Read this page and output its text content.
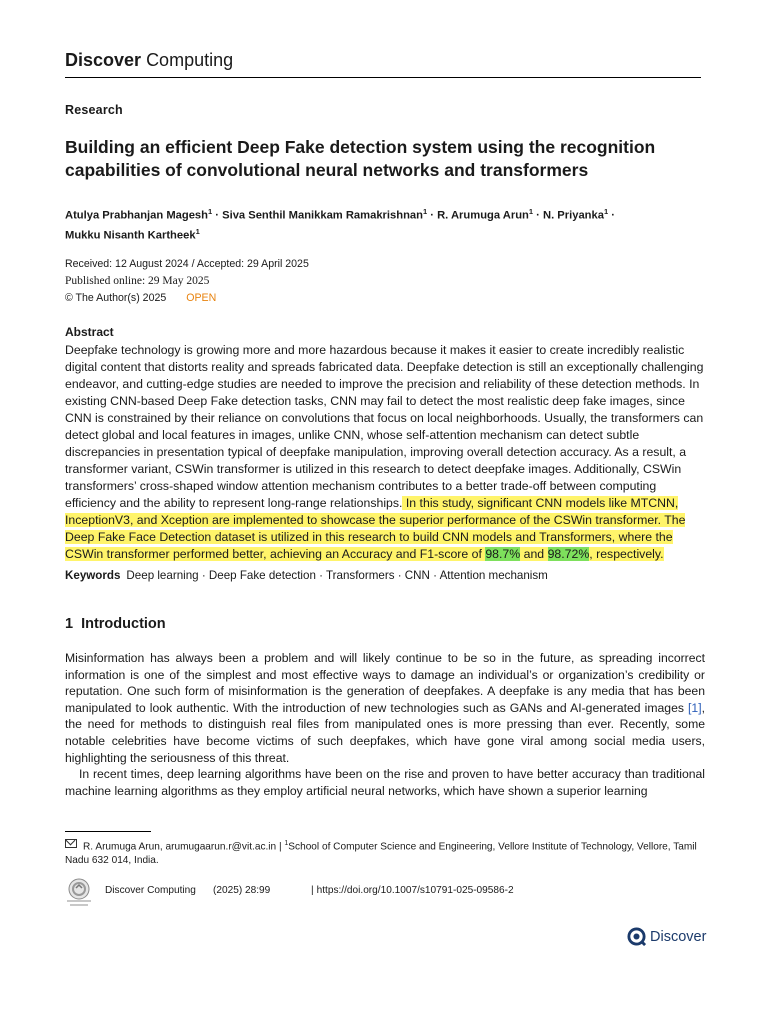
Discover Computing
Research
Building an efficient Deep Fake detection system using the recognition capabilities of convolutional neural networks and transformers
Atulya Prabhanjan Magesh$^1$ · Siva Senthil Manikkam Ramakrishnan$^1$ · R. Arumuga Arun$^1$ · N. Priyanka$^1$ ·
Mukku Nisanth Kartheek$^1$
Received: 12 August 2024 / Accepted: 29 April 2025
Published online: 29 May 2025
© The Author(s) 2025 OPEN
Abstract
Deepfake technology is growing more and more hazardous because it makes it easier to create incredibly realistic digital content that distorts reality and spreads fabricated data. Deepfake detection is still an exceptionally challenging endeavor, and cutting-edge studies are needed to improve the precision and reliability of these detection methods. In existing CNN-based Deep Fake detection tasks, CNN may fail to detect the most realistic deep fake images, since CNN is constrained by their reliance on convolutions that focus on local neighborhoods. Usually, the transformers can detect global and local features in images, unlike CNN, whose self-attention mechanism can detect subtle discrepancies in presentation typical of deepfake manipulation, improving overall detection accuracy. As a result, a transformer variant, CSWin transformer is utilized in this research to detect deepfake images. Additionally, CSWin transformers’ cross-shaped window attention mechanism contributes to a better trade-off between computing efficiency and the ability to represent long-range relationships. In this study, significant CNN models like MTCNN, InceptionV3, and Xception are implemented to showcase the superior performance of the CSWin transformer. The Deep Fake Face Detection dataset is utilized in this research to build CNN models and Transformers, where the CSWin transformer performed better, achieving an Accuracy and F1-score of 98.7% and 98.72%, respectively.
Keywords Deep learning · Deep Fake detection · Transformers · CNN · Attention mechanism
1 Introduction

Misinformation has always been a problem and will likely continue to be so in the future, as spreading incorrect information is one of the simplest and most effective ways to damage an individual’s or organization’s credibility or reputation. One such form of misinformation is the generation of deepfakes. A deepfake is any media that has been manipulated to look authentic. With the introduction of new technologies such as GANs and AI-generated images [1], the need for methods to distinguish real files from manipulated ones is more pressing than ever. Recently, some notable celebrities have become victims of such deepfakes, which have gone viral among social media users, highlighting the seriousness of this threat.

In recent times, deep learning algorithms have been on the rise and proven to have better accuracy than traditional machine learning algorithms as they employ artificial neural networks, which have shown a superior learning

R. Arumuga Arun, arumugaarun.r@vit.ac.in | $^1$School of Computer Science and Engineering, Vellore Institute of Technology, Vellore, Tamil Nadu 632 014, India.
Discover Computing (2025) 28:99
|	https://doi.org/10.1007/s10791-025-09586-2
Discover
